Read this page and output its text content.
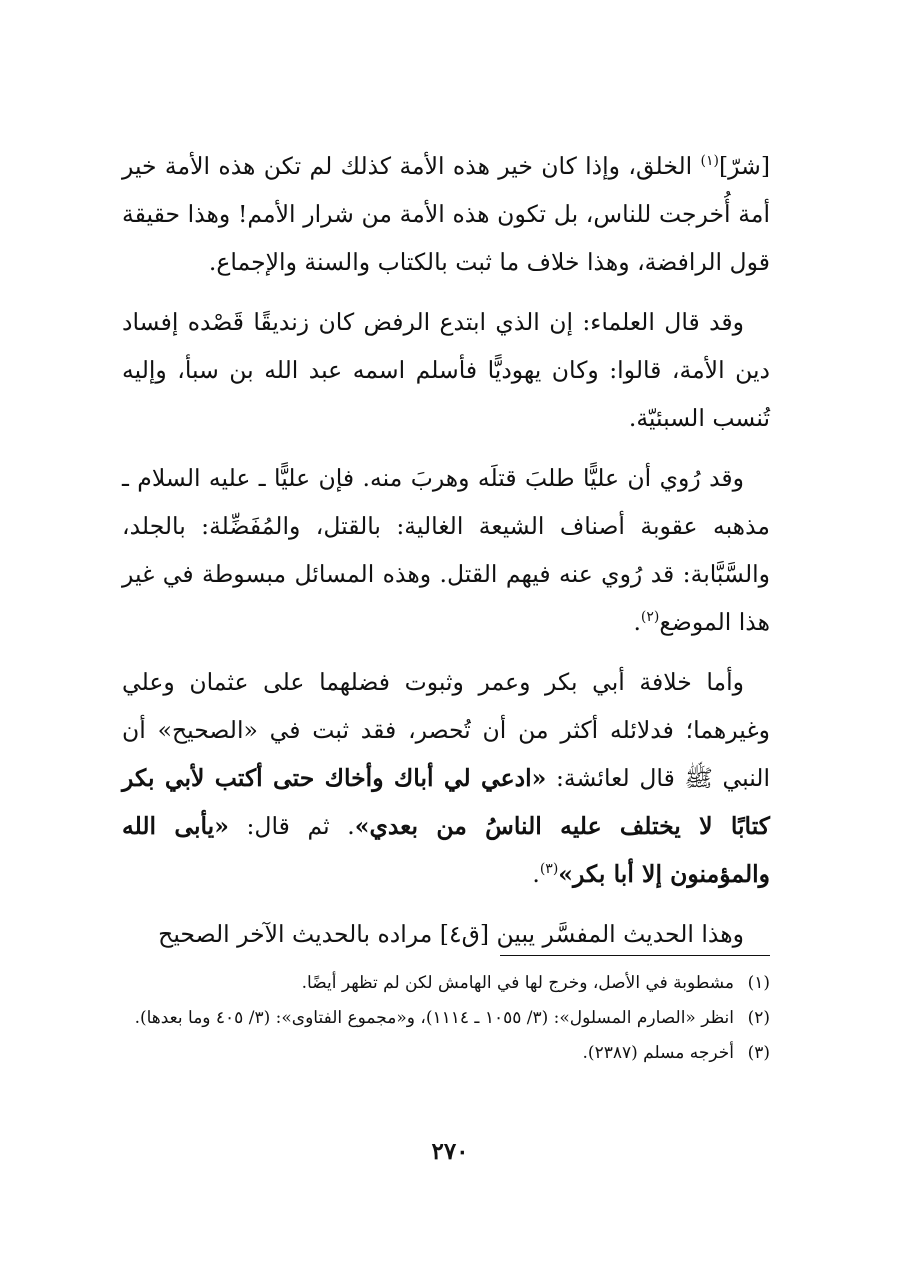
[شرّ]$^{(١)}$ الخلق، وإذا كان خير هذه الأمة كذلك لم تكن هذه الأمة خير أمة أُخرجت للناس، بل تكون هذه الأمة من شرار الأمم! وهذا حقيقة قول الرافضة، وهذا خلاف ما ثبت بالكتاب والسنة والإجماع.

وقد قال العلماء: إن الذي ابتدع الرفض كان زنديقًا قَصْده إفساد دين الأمة، قالوا: وكان يهوديًّا فأسلم اسمه عبد الله بن سبأ، وإليه تُنسب السبئيّة.

وقد رُوي أن عليًّا طلبَ قتلَه وهربَ منه. فإن عليًّا ـ عليه السلام ـ مذهبه عقوبة أصناف الشيعة الغالية: بالقتل، والمُفَضِّلة: بالجلد، والسَّبَّابة: قد رُوي عنه فيهم القتل. وهذه المسائل مبسوطة في غير هذا الموضع$^{(٢)}$.

وأما خلافة أبي بكر وعمر وثبوت فضلهما على عثمان وعلي وغيرهما؛ فدلائله أكثر من أن تُحصر، فقد ثبت في «الصحيح» أن النبي ﷺ قال لعائشة: «ادعي لي أباك وأخاك حتى أكتب لأبي بكر كتابًا لا يختلف عليه الناسُ من بعدي». ثم قال: «يأبى الله والمؤمنون إلا أبا بكر»$^{(٣)}$.

وهذا الحديث المفسَّر يبين [ق٤] مراده بالحديث الآخر الصحيح

(١)
مشطوبة في الأصل، وخرج لها في الهامش لكن لم تظهر أيضًا.
(٢)
انظر «الصارم المسلول»: (٣/ ١٠٥٥ ـ ١١١٤)، و«مجموع الفتاوى»: (٣/ ٤٠٥ وما بعدها).
(٣)
أخرجه مسلم (٢٣٨٧).
٢٧٠
